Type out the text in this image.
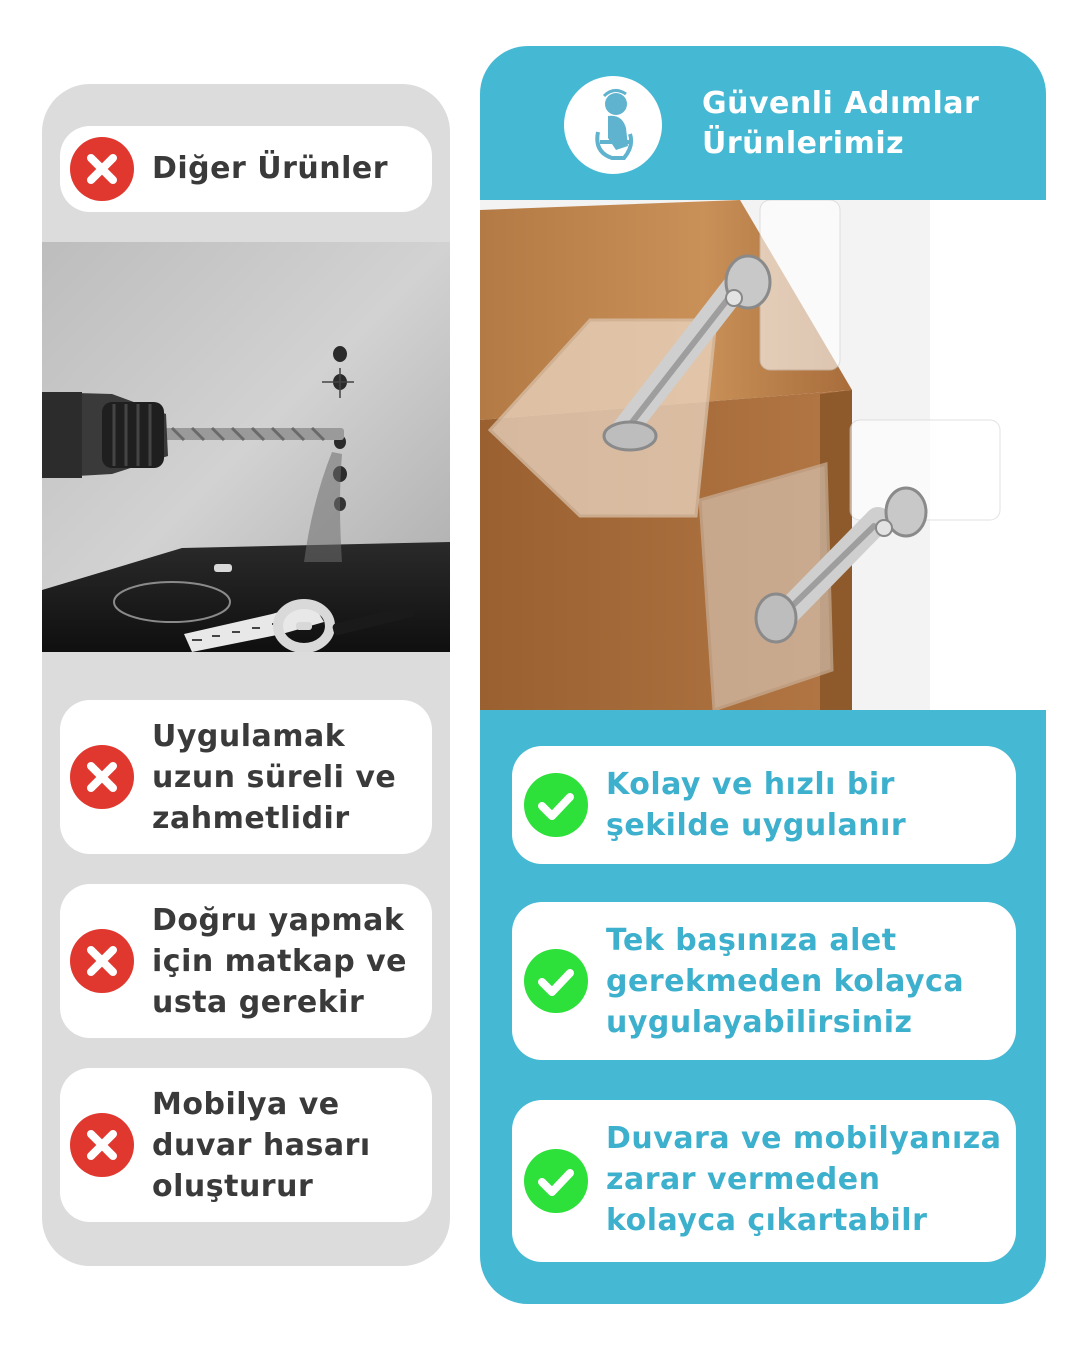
Diğer Ürünler
Uygulamak
uzun süreli ve
zahmetlidir
Doğru yapmak
için matkap ve
usta gerekir
Mobilya ve
duvar hasarı
oluşturur
Güvenli Adımlar
Ürünlerimiz
Kolay ve hızlı bir
şekilde uygulanır
Tek başınıza alet
gerekmeden kolayca
uygulayabilirsiniz
Duvara ve mobilyanıza
zarar vermeden
kolayca çıkartabilr
